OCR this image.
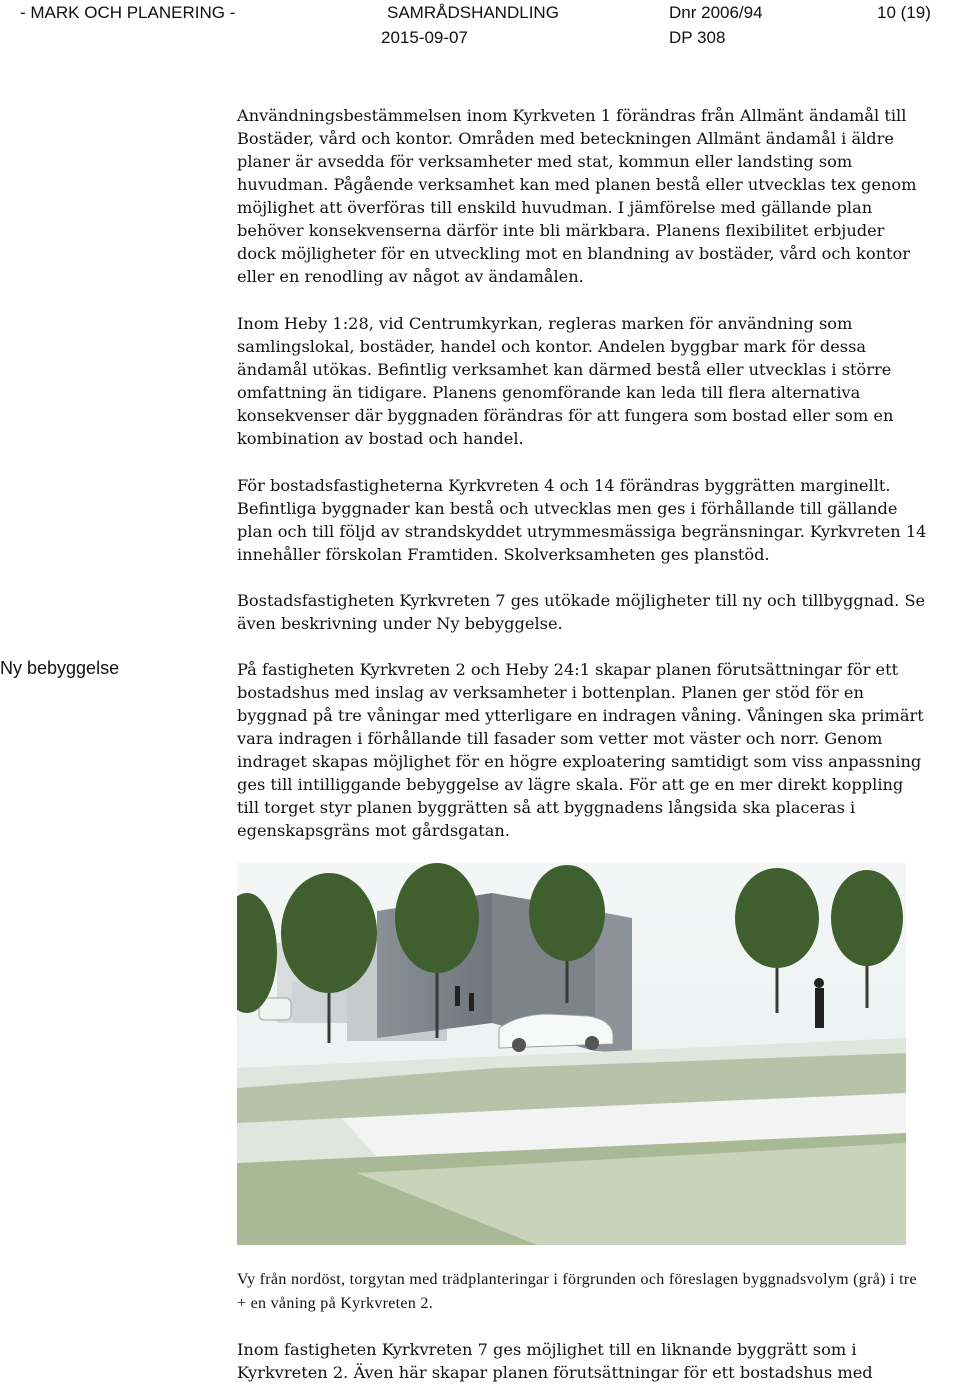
- MARK OCH PLANERING -	SAMRÅDSHANDLING
2015-09-07
Dnr 2006/94
DP 308
10 (19)

Användningsbestämmelsen inom Kyrkveten 1 förändras från Allmänt ändamål till Bostäder, vård och kontor. Områden med beteckningen Allmänt ändamål i äldre planer är avsedda för verksamheter med stat, kommun eller landsting som huvudman. Pågående verksamhet kan med planen bestå eller utvecklas tex genom möjlighet att överföras till enskild huvudman. I jämförelse med gällande plan behöver konsekvenserna därför inte bli märkbara. Planens flexibilitet erbjuder dock möjligheter för en utveckling mot en blandning av bostäder, vård och kontor eller en renodling av något av ändamålen.

Inom Heby 1:28, vid Centrumkyrkan, regleras marken för användning som samlingslokal, bostäder, handel och kontor. Andelen byggbar mark för dessa ändamål utökas. Befintlig verksamhet kan därmed bestå eller utvecklas i större omfattning än tidigare. Planens genomförande kan leda till flera alternativa konsekvenser där byggnaden förändras för att fungera som bostad eller som en kombination av bostad och handel.

För bostadsfastigheterna Kyrkvreten 4 och 14 förändras byggrätten marginellt. Befintliga byggnader kan bestå och utvecklas men ges i förhållande till gällande plan och till följd av strandskyddet utrymmesmässiga begränsningar. Kyrkvreten 14 innehåller förskolan Framtiden. Skolverksamheten ges planstöd.

Bostadsfastigheten Kyrkvreten 7 ges utökade möjligheter till ny och tillbyggnad. Se även beskrivning under Ny bebyggelse.

Ny bebyggelse	På fastigheten Kyrkvreten 2 och Heby 24:1 skapar planen förutsättningar för ett bostadshus med inslag av verksamheter i bottenplan. Planen ger stöd för en byggnad på tre våningar med ytterligare en indragen våning. Våningen ska primärt vara indragen i förhållande till fasader som vetter mot väster och norr. Genom indraget skapas möjlighet för en högre exploatering samtidigt som viss anpassning ges till intilliggande bebyggelse av lägre skala. För att ge en mer direkt koppling till torget styr planen byggrätten så att byggnadens långsida ska placeras i egenskapsgräns mot gårdsgatan.

Vy från nordöst, torgytan med trädplanteringar i förgrunden och föreslagen byggnadsvolym (grå) i tre + en våning på Kyrkvreten 2.

Inom fastigheten Kyrkvreten 7 ges möjlighet till en liknande byggrätt som i Kyrkvreten 2. Även här skapar planen förutsättningar för ett bostadshus med
